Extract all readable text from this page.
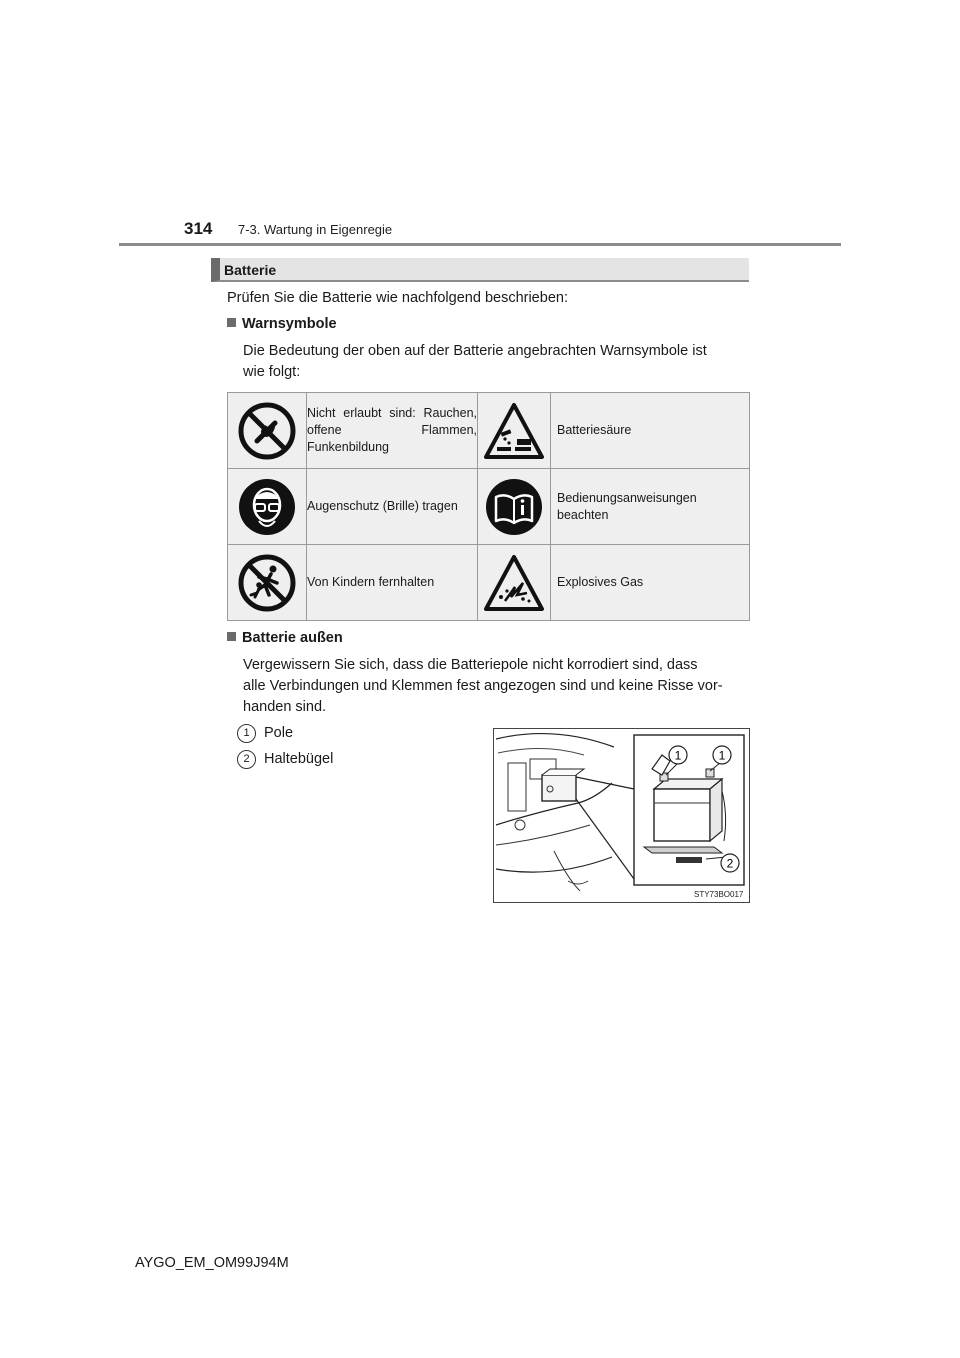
314 7-3. Wartung in Eigenregie
Batterie
Prüfen Sie die Batterie wie nachfolgend beschrieben:
Warnsymbole
Die Bedeutung der oben auf der Batterie angebrachten Warnsymbole ist
wie folgt:
	Nicht erlaubt sind: Rauchen, offene Flammen, Funkenbildung		Batteriesäure

	Augenschutz (Brille) tragen		Bedienungsanweisungen beachten

	Von Kindern fernhalten		Explosives Gas
Batterie außen
Vergewissern Sie sich, dass die Batteriepole nicht korrodiert sind, dass
alle Verbindungen und Klemmen fest angezogen sind und keine Risse vor-
handen sind.
1 Pole
2 Haltebügel	1	1
2
STY73BO017
AYGO_EM_OM99J94M
